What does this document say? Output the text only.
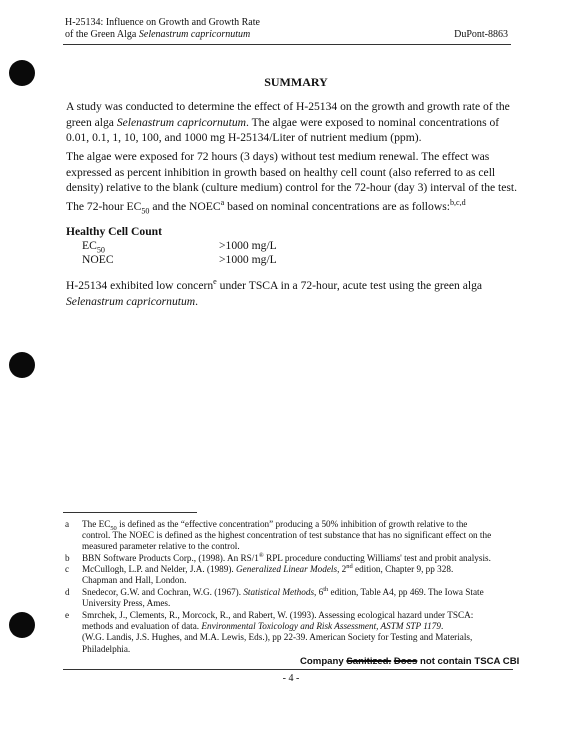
H-25134: Influence on Growth and Growth Rate
of the Green Alga Selenastrum capricornutum	DuPont-8863
SUMMARY
A study was conducted to determine the effect of H-25134 on the growth and growth rate of the
green alga Selenastrum capricornutum. The algae were exposed to nominal concentrations of
0.01, 0.1, 1, 10, 100, and 1000 mg H-25134/Liter of nutrient medium (ppm).
The algae were exposed for 72 hours (3 days) without test medium renewal. The effect was
expressed as percent inhibition in growth based on healthy cell count (also referred to as cell
density) relative to the blank (culture medium) control for the 72-hour (day 3) interval of the test.
The 72-hour $EC_{50}$ and the NOEC$^a$ based on nominal concentrations are as follows:$^{b,c,d}$
Healthy Cell Count
$EC_{50}$	>1000 mg/L
NOEC	>1000 mg/L
H-25134 exhibited low concern$^e$ under TSCA in a 72-hour, acute test using the green alga
Selenastrum capricornutum.
a The $EC_{50}$ is defined as the “effective concentration” producing a 50% inhibition of growth relative to the
control. The NOEC is defined as the highest concentration of test substance that has no significant effect on the
measured parameter relative to the control.
b BBN Software Products Corp., (1998). An RS/1® RPL procedure conducting Williams' test and probit analysis.
c McCullogh, L.P. and Nelder, J.A. (1989). Generalized Linear Models, 2nd edition, Chapter 9, pp 328.
Chapman and Hall, London.
d Snedecor, G.W. and Cochran, W.G. (1967). Statistical Methods, 6th edition, Table A4, pp 469. The Iowa State
University Press, Ames.
e Smrchek, J., Clements, R., Morcock, R., and Rabert, W. (1993). Assessing ecological hazard under TSCA:
methods and evaluation of data. Environmental Toxicology and Risk Assessment, ASTM STP 1179.
(W.G. Landis, J.S. Hughes, and M.A. Lewis, Eds.), pp 22-39. American Society for Testing and Materials,
Philadelphia.
Company Sanitized. Does not contain TSCA CBI
- 4 -
